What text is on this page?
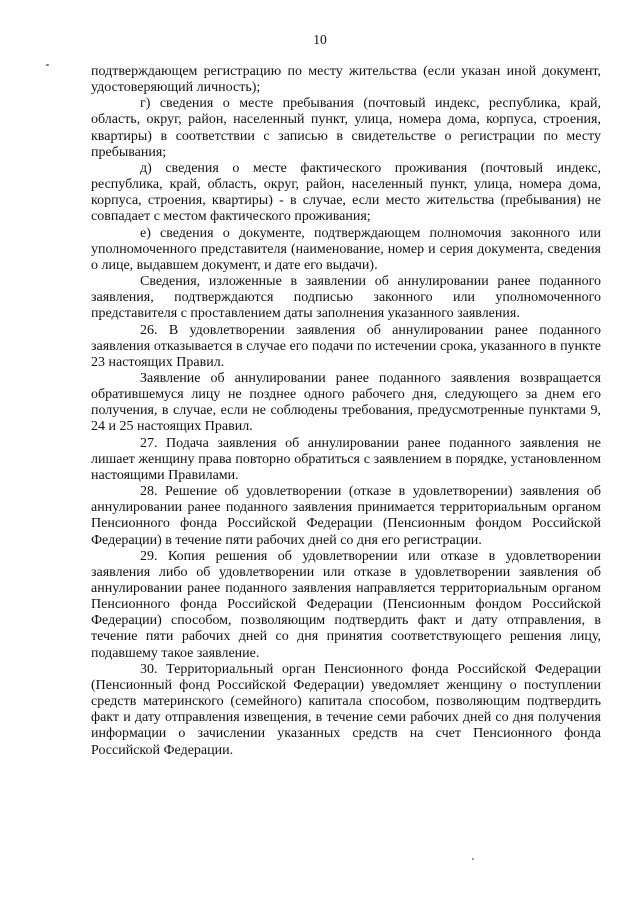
10

подтверждающем регистрацию по месту жительства (если указан иной документ, удостоверяющий личность);

г) сведения о месте пребывания (почтовый индекс, республика, край, область, округ, район, населенный пункт, улица, номера дома, корпуса, строения, квартиры) в соответствии с записью в свидетельстве о регистрации по месту пребывания;

д) сведения о месте фактического проживания (почтовый индекс, республика, край, область, округ, район, населенный пункт, улица, номера дома, корпуса, строения, квартиры) - в случае, если место жительства (пребывания) не совпадает с местом фактического проживания;

е) сведения о документе, подтверждающем полномочия законного или уполномоченного представителя (наименование, номер и серия документа, сведения о лице, выдавшем документ, и дате его выдачи).

Сведения, изложенные в заявлении об аннулировании ранее поданного заявления, подтверждаются подписью законного или уполномоченного представителя с проставлением даты заполнения указанного заявления.

26. В удовлетворении заявления об аннулировании ранее поданного заявления отказывается в случае его подачи по истечении срока, указанного в пункте 23 настоящих Правил.

Заявление об аннулировании ранее поданного заявления возвращается обратившемуся лицу не позднее одного рабочего дня, следующего за днем его получения, в случае, если не соблюдены требования, предусмотренные пунктами 9, 24 и 25 настоящих Правил.

27. Подача заявления об аннулировании ранее поданного заявления не лишает женщину права повторно обратиться с заявлением в порядке, установленном настоящими Правилами.

28. Решение об удовлетворении (отказе в удовлетворении) заявления об аннулировании ранее поданного заявления принимается территориальным органом Пенсионного фонда Российской Федерации (Пенсионным фондом Российской Федерации) в течение пяти рабочих дней со дня его регистрации.

29. Копия решения об удовлетворении или отказе в удовлетворении заявления либо об удовлетворении или отказе в удовлетворении заявления об аннулировании ранее поданного заявления направляется территориальным органом Пенсионного фонда Российской Федерации (Пенсионным фондом Российской Федерации) способом, позволяющим подтвердить факт и дату отправления, в течение пяти рабочих дней со дня принятия соответствующего решения лицу, подавшему такое заявление.

30. Территориальный орган Пенсионного фонда Российской Федерации (Пенсионный фонд Российской Федерации) уведомляет женщину о поступлении средств материнского (семейного) капитала способом, позволяющим подтвердить факт и дату отправления извещения, в течение семи рабочих дней со дня получения информации о зачислении указанных средств на счет Пенсионного фонда Российской Федерации.
